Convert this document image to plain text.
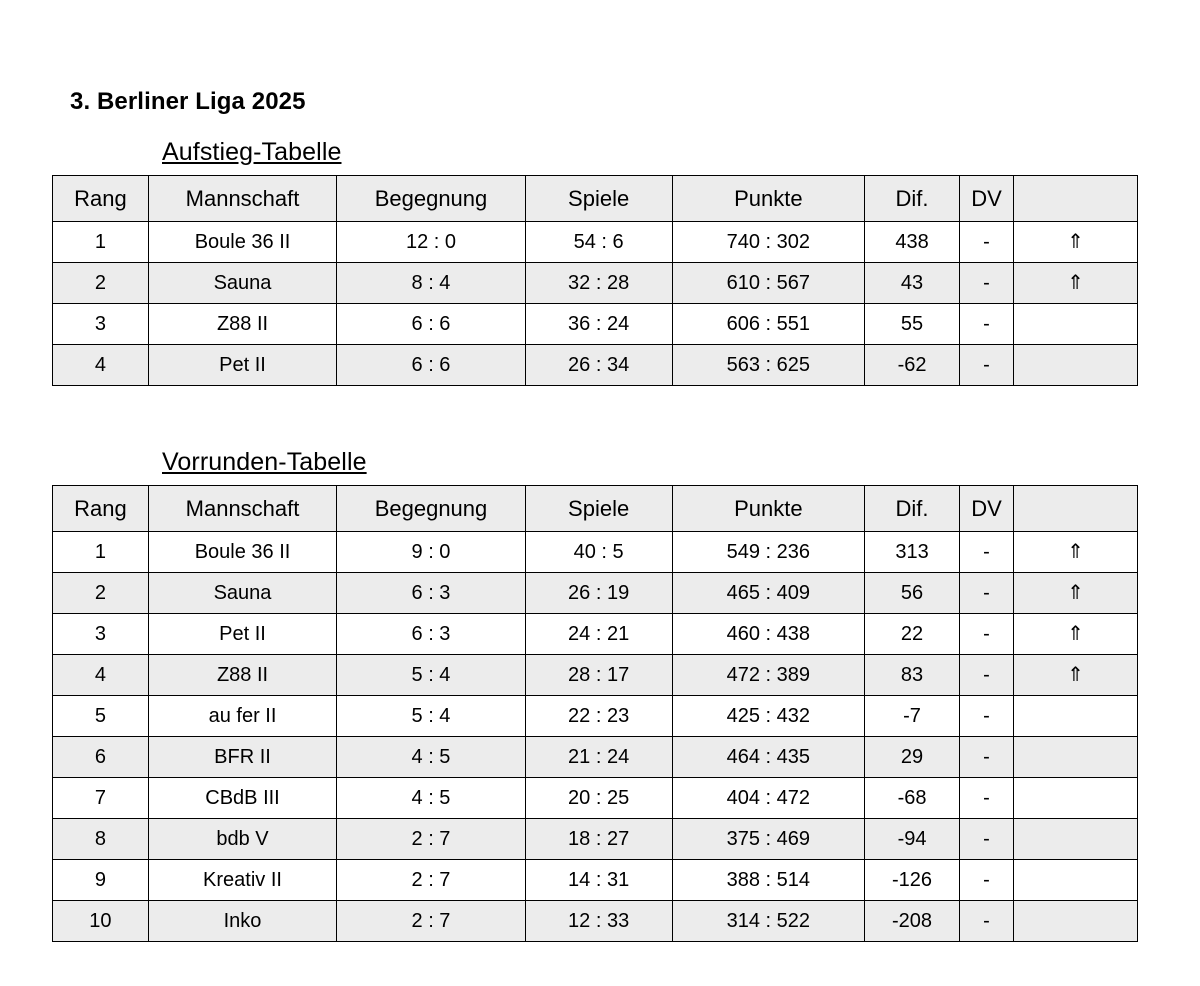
3. Berliner Liga 2025
Aufstieg-Tabelle
Rang	Mannschaft	Begegnung	Spiele	Punkte	Dif.	DV	
1	Boule 36 II	12 : 0	54 : 6	740 : 302	438	-	⇑
2	Sauna	8 : 4	32 : 28	610 : 567	43	-	⇑
3	Z88 II	6 : 6	36 : 24	606 : 551	55	-	
4	Pet II	6 : 6	26 : 34	563 : 625	-62	-	
Vorrunden-Tabelle
Rang	Mannschaft	Begegnung	Spiele	Punkte	Dif.	DV	
1	Boule 36 II	9 : 0	40 : 5	549 : 236	313	-	⇑
2	Sauna	6 : 3	26 : 19	465 : 409	56	-	⇑
3	Pet II	6 : 3	24 : 21	460 : 438	22	-	⇑
4	Z88 II	5 : 4	28 : 17	472 : 389	83	-	⇑
5	au fer II	5 : 4	22 : 23	425 : 432	-7	-	
6	BFR II	4 : 5	21 : 24	464 : 435	29	-	
7	CBdB III	4 : 5	20 : 25	404 : 472	-68	-	
8	bdb V	2 : 7	18 : 27	375 : 469	-94	-	
9	Kreativ II	2 : 7	14 : 31	388 : 514	-126	-	
10	Inko	2 : 7	12 : 33	314 : 522	-208	-	
